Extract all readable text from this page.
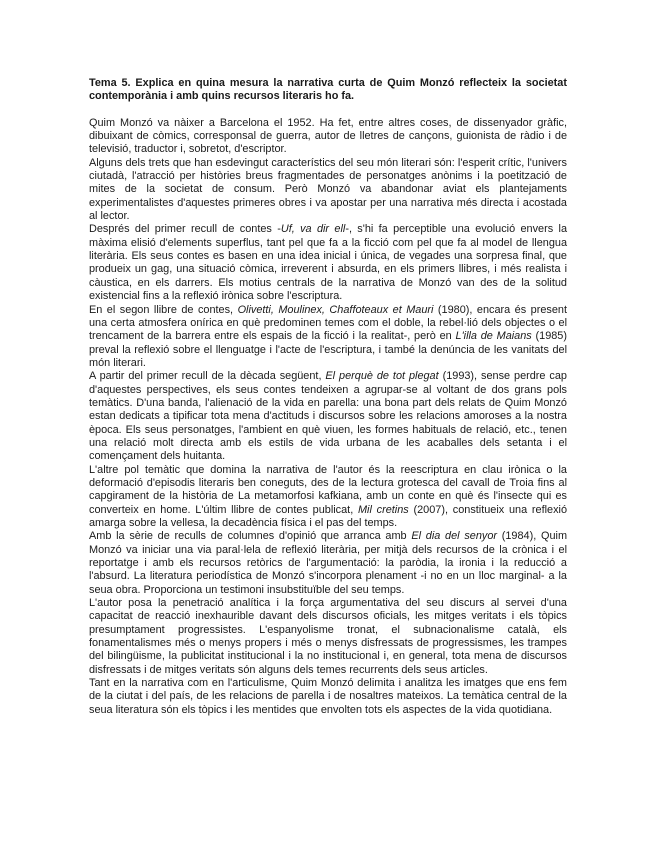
Tema 5. Explica en quina mesura la narrativa curta de Quim Monzó reflecteix la societat contemporània i amb quins recursos literaris ho fa.

Quim Monzó va nàixer a Barcelona el 1952. Ha fet, entre altres coses, de dissenyador gràfic, dibuixant de còmics, corresponsal de guerra, autor de lletres de cançons, guionista de ràdio i de televisió, traductor i, sobretot, d'escriptor.

Alguns dels trets que han esdevingut característics del seu món literari són: l'esperit crític, l'univers ciutadà, l'atracció per històries breus fragmentades de personatges anònims i la poetització de mites de la societat de consum. Però Monzó va abandonar aviat els plantejaments experimentalistes d'aquestes primeres obres i va apostar per una narrativa més directa i acostada al lector.

Després del primer recull de contes -Uf, va dir ell-, s'hi fa perceptible una evolució envers la màxima elisió d'elements superflus, tant pel que fa a la ficció com pel que fa al model de llengua literària. Els seus contes es basen en una idea inicial i única, de vegades una sorpresa final, que produeix un gag, una situació còmica, irreverent i absurda, en els primers llibres, i més realista i càustica, en els darrers. Els motius centrals de la narrativa de Monzó van des de la solitud existencial fins a la reflexió irònica sobre l'escriptura.

En el segon llibre de contes, Olivetti, Moulinex, Chaffoteaux et Mauri (1980), encara és present una certa atmosfera onírica en què predominen temes com el doble, la rebel·lió dels objectes o el trencament de la barrera entre els espais de la ficció i la realitat-, però en L'illa de Maians (1985) preval la reflexió sobre el llenguatge i l'acte de l'escriptura, i també la denúncia de les vanitats del món literari.

A partir del primer recull de la dècada següent, El perquè de tot plegat (1993), sense perdre cap d'aquestes perspectives, els seus contes tendeixen a agrupar-se al voltant de dos grans pols temàtics. D'una banda, l'alienació de la vida en parella: una bona part dels relats de Quim Monzó estan dedicats a tipificar tota mena d'actituds i discursos sobre les relacions amoroses a la nostra època. Els seus personatges, l'ambient en què viuen, les formes habituals de relació, etc., tenen una relació molt directa amb els estils de vida urbana de les acaballes dels setanta i el començament dels huitanta.

L'altre pol temàtic que domina la narrativa de l'autor és la reescriptura en clau irònica o la deformació d'episodis literaris ben coneguts, des de la lectura grotesca del cavall de Troia fins al capgirament de la història de La metamorfosi kafkiana, amb un conte en què és l'insecte qui es converteix en home. L'últim llibre de contes publicat, Mil cretins (2007), constitueix una reflexió amarga sobre la vellesa, la decadència física i el pas del temps.

Amb la sèrie de reculls de columnes d'opinió que arranca amb El dia del senyor (1984), Quim Monzó va iniciar una via paral·lela de reflexió literària, per mitjà dels recursos de la crònica i el reportatge i amb els recursos retòrics de l'argumentació: la paròdia, la ironia i la reducció a l'absurd. La literatura periodística de Monzó s'incorpora plenament -i no en un lloc marginal- a la seua obra. Proporciona un testimoni insubstituïble del seu temps.

L'autor posa la penetració analítica i la força argumentativa del seu discurs al servei d'una capacitat de reacció inexhaurible davant dels discursos oficials, les mitges veritats i els tòpics presumptament progressistes. L'espanyolisme tronat, el subnacionalisme català, els fonamentalismes més o menys propers i més o menys disfressats de progressismes, les trampes del bilingüisme, la publicitat institucional i la no institucional i, en general, tota mena de discursos disfressats i de mitges veritats són alguns dels temes recurrents dels seus articles.

Tant en la narrativa com en l'articulisme, Quim Monzó delimita i analitza les imatges que ens fem de la ciutat i del país, de les relacions de parella i de nosaltres mateixos. La temàtica central de la seua literatura són els tòpics i les mentides que envolten tots els aspectes de la vida quotidiana.
